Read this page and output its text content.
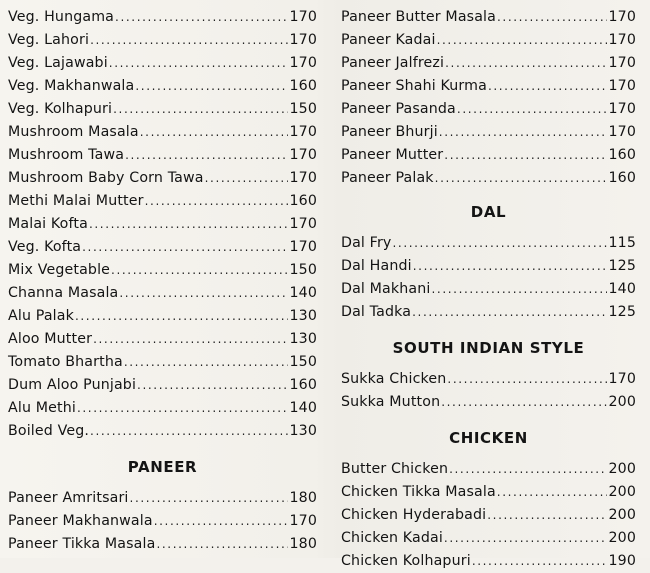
Veg. Hungama .....	170
Veg. Lahori .....	170
Veg. Lajawabi .....	170
Veg. Makhanwala .....	160
Veg. Kolhapuri .....	150
Mushroom Masala .....	170
Mushroom Tawa .....	170
Mushroom Baby Corn Tawa .....	170
Methi Malai Mutter .....	160
Malai Kofta .....	170
Veg. Kofta .....	170
Mix Vegetable .....	150
Channa Masala .....	140
Alu Palak .....	130
Aloo Mutter .....	130
Tomato Bhartha .....	150
Dum Aloo Punjabi .....	160
Alu Methi .....	140
Boiled Veg. .....	130
PANEER
Paneer Amritsari .....	180
Paneer Makhanwala .....	170
Paneer Tikka Masala .....	180
Paneer Butter Masala .....	170
Paneer Kadai .....	170
Paneer Jalfrezi .....	170
Paneer Shahi Kurma .....	170
Paneer Pasanda .....	170
Paneer Bhurji .....	170
Paneer Mutter .....	160
Paneer Palak .....	160
DAL
Dal Fry .....	115
Dal Handi .....	125
Dal Makhani .....	140
Dal Tadka .....	125
SOUTH INDIAN STYLE
Sukka Chicken .....	170
Sukka Mutton .....	200
CHICKEN
Butter Chicken .....	200
Chicken Tikka Masala .....	200
Chicken Hyderabadi .....	200
Chicken Kadai .....	200
Chicken Kolhapuri .....	190
